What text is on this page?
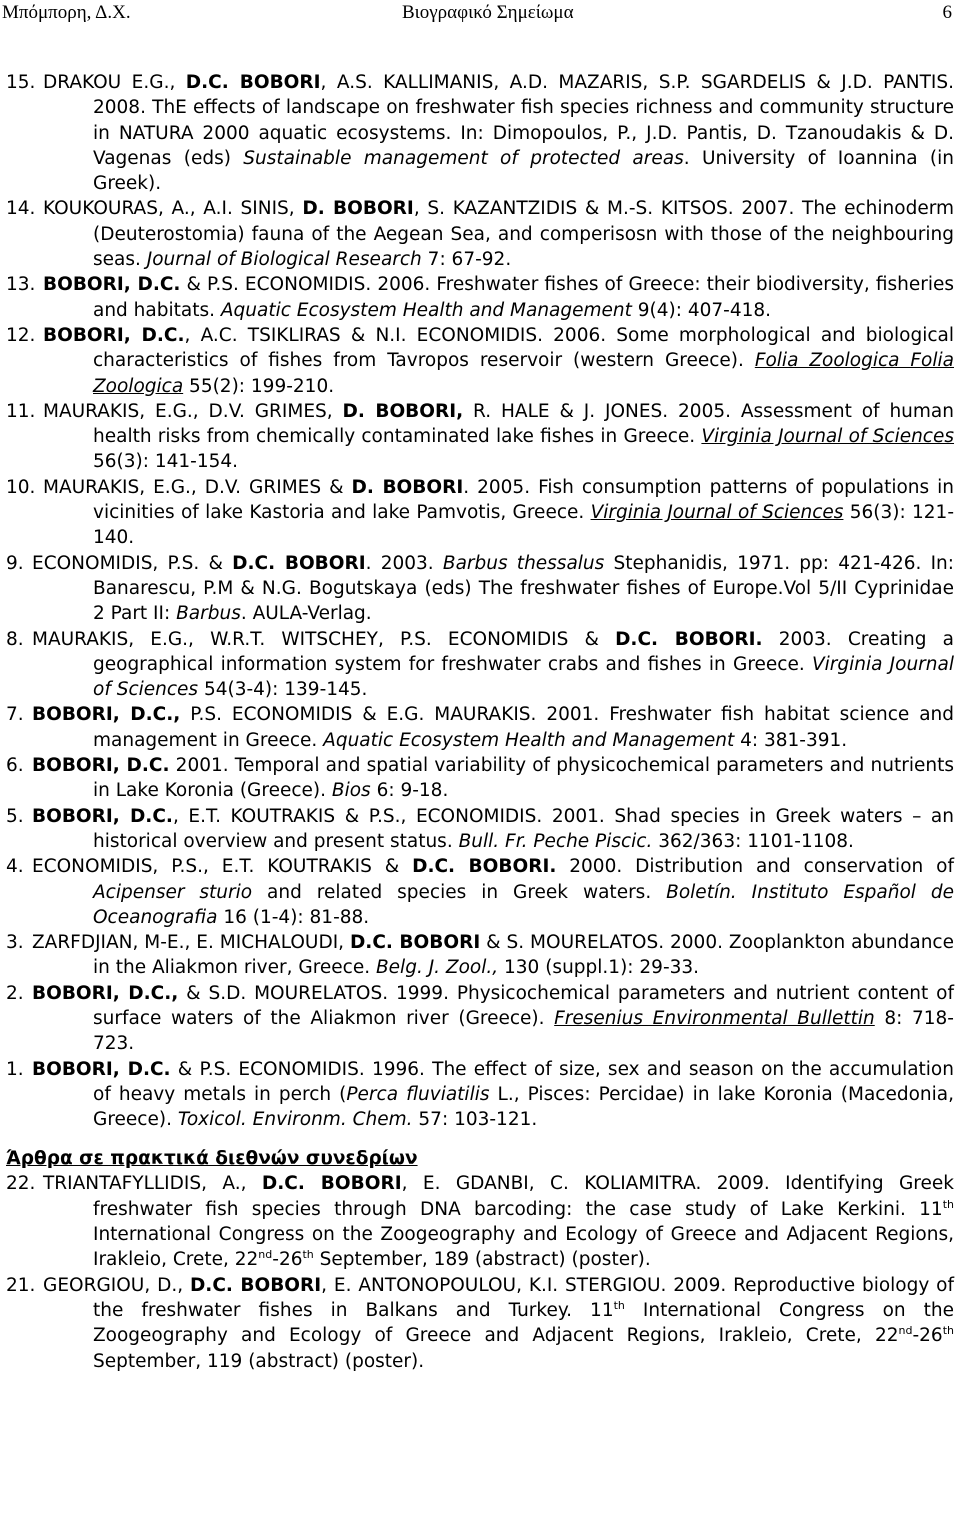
Μπόμπορη, Δ.Χ.	Βιογραφικό Σημείωμα	6
15. DRAKOU E.G., D.C. BOBORI, A.S. KALLIMANIS, A.D. MAZARIS, S.P. SGARDELIS & J.D. PANTIS. 2008. ThE effects of landscape on freshwater fish species richness and community structure in NATURA 2000 aquatic ecosystems. In: Dimopoulos, P., J.D. Pantis, D. Tzanoudakis & D. Vagenas (eds) Sustainable management of protected areas. University of Ioannina (in Greek).
14. KOUKOURAS, A., A.I. SINIS, D. BOBORI, S. KAZANTZIDIS & M.-S. KITSOS. 2007. The echinoderm (Deuterostomia) fauna of the Aegean Sea, and comperisosn with those of the neighbouring seas. Journal of Biological Research 7: 67-92.
13. BOBORI, D.C. & P.S. ECONOMIDIS. 2006. Freshwater fishes of Greece: their biodiversity, fisheries and habitats. Aquatic Ecosystem Health and Management 9(4): 407-418.
12. BOBORI, D.C., A.C. TSIKLIRAS & N.I. ECONOMIDIS. 2006. Some morphological and biological characteristics of fishes from Tavropos reservoir (western Greece). Folia Zoologica Folia Zoologica 55(2): 199-210.
11. MAURAKIS, E.G., D.V. GRIMES, D. BOBORI, R. HALE & J. JONES. 2005. Assessment of human health risks from chemically contaminated lake fishes in Greece. Virginia Journal of Sciences 56(3): 141-154.
10. MAURAKIS, E.G., D.V. GRIMES & D. BOBORI. 2005. Fish consumption patterns of populations in vicinities of lake Kastoria and lake Pamvotis, Greece. Virginia Journal of Sciences 56(3): 121-140.
9. ECONOMIDIS, P.S. & D.C. BOBORI. 2003. Barbus thessalus Stephanidis, 1971. pp: 421-426. In: Banarescu, P.M & N.G. Bogutskaya (eds) The freshwater fishes of Europe.Vol 5/II Cyprinidae 2 Part II: Barbus. AULA-Verlag.
8. MAURAKIS, E.G., W.R.T. WITSCHEY, P.S. ECONOMIDIS & D.C. BOBORI. 2003. Creating a geographical information system for freshwater crabs and fishes in Greece. Virginia Journal of Sciences 54(3-4): 139-145.
7. BOBORI, D.C., P.S. ECONOMIDIS & E.G. MAURAKIS. 2001. Freshwater fish habitat science and management in Greece. Aquatic Ecosystem Health and Management 4: 381-391.
6. BOBORI, D.C. 2001. Temporal and spatial variability of physicochemical parameters and nutrients in Lake Koronia (Greece). Bios 6: 9-18.
5. BOBORI, D.C., E.T. KOUTRAKIS & P.S., ECONOMIDIS. 2001. Shad species in Greek waters – an historical overview and present status. Bull. Fr. Peche Piscic. 362/363: 1101-1108.
4. ECONOMIDIS, P.S., E.T. KOUTRAKIS & D.C. BOBORI. 2000. Distribution and conservation of Acipenser sturio and related species in Greek waters. Boletín. Instituto Español de Oceanografia 16 (1-4): 81-88.
3. ZARFDJIAN, M-E., E. MICHALOUDI, D.C. BOBORI & S. MOURELATOS. 2000. Zooplankton abundance in the Aliakmon river, Greece. Belg. J. Zool., 130 (suppl.1): 29-33.
2. BOBORI, D.C., & S.D. MOURELATOS. 1999. Physicochemical parameters and nutrient content of surface waters of the Aliakmon river (Greece). Fresenius Environmental Bullettin 8: 718-723.
1. BOBORI, D.C. & P.S. ECONOMIDIS. 1996. The effect of size, sex and season on the accumulation of heavy metals in perch (Perca fluviatilis L., Pisces: Percidae) in lake Koronia (Macedonia, Greece). Toxicol. Environm. Chem. 57: 103-121.
Άρθρα σε πρακτικά διεθνών συνεδρίων
22. TRIANTAFYLLIDIS, A., D.C. BOBORI, E. GDANBI, C. KOLIAMITRA. 2009. Identifying Greek freshwater fish species through DNA barcoding: the case study of Lake Kerkini. 11th International Congress on the Zoogeography and Ecology of Greece and Adjacent Regions, Irakleio, Crete, 22nd-26th September, 189 (abstract) (poster).
21. GEORGIOU, D., D.C. BOBORI, E. ANTONOPOULOU, K.I. STERGIOU. 2009. Reproductive biology of the freshwater fishes in Balkans and Turkey. 11th International Congress on the Zoogeography and Ecology of Greece and Adjacent Regions, Irakleio, Crete, 22nd-26th September, 119 (abstract) (poster).
